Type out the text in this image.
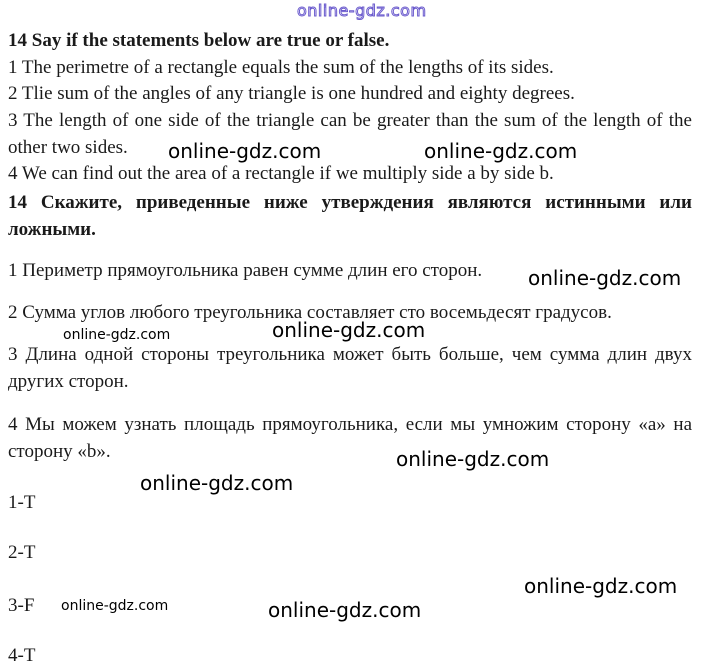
online-gdz.com
14 Say if the statements below are true or false.
1 The perimetre of a rectangle equals the sum of the lengths of its sides.
2 Tlie sum of the angles of any triangle is one hundred and eighty degrees.
3 The length of one side of the triangle can be greater than the sum of the length of the other two sides.
4 We can find out the area of a rectangle if we multiply side a by side b.
14 Скажите, приведенные ниже утверждения являются истинными или ложными.
1 Периметр прямоугольника равен сумме длин его сторон.
2 Сумма углов любого треугольника составляет сто восемьдесят градусов.
3 Длина одной стороны треугольника может быть больше, чем сумма длин двух других сторон.
4 Мы можем узнать площадь прямоугольника, если мы умножим сторону «а» на сторону «b».
1-T
2-T
3-F
4-T
online-gdz.com	online-gdz.com
online-gdz.com
online-gdz.com	online-gdz.com
online-gdz.com
online-gdz.com
online-gdz.com
online-gdz.com	online-gdz.com
